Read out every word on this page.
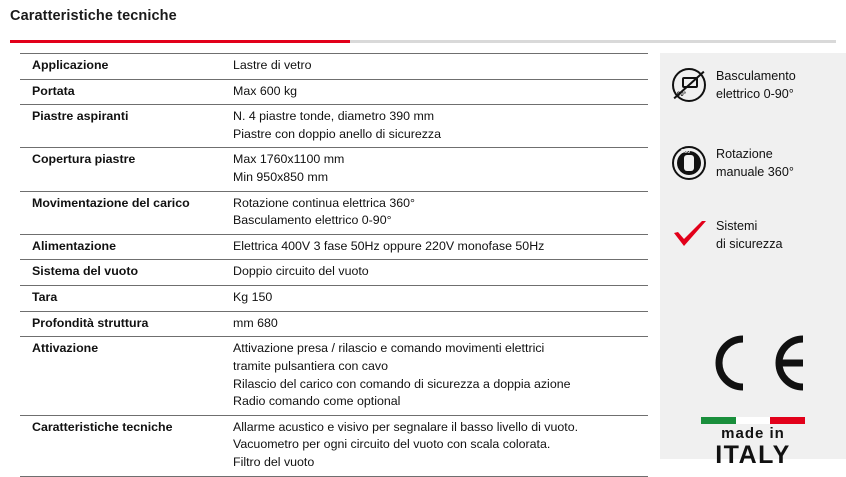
Caratteristiche tecniche
Applicazione	Lastre di vetro

Portata	Max 600 kg

Piastre aspiranti	N. 4 piastre tonde, diametro 390 mm
Piastre con doppio anello di sicurezza

Copertura piastre	Max 1760x1100 mm
Min 950x850 mm

Movimentazione del carico	Rotazione continua elettrica 360°
Basculamento elettrico 0-90°

Alimentazione	Elettrica 400V 3 fase 50Hz oppure 220V monofase 50Hz

Sistema del vuoto	Doppio circuito del vuoto

Tara	Kg 150

Profondità struttura	mm 680

Attivazione	Attivazione presa / rilascio e comando movimenti elettrici
tramite pulsantiera con cavo
Rilascio del carico con comando di sicurezza a doppia azione
Radio comando come optional

Caratteristiche tecniche	Allarme acustico e visivo per segnalare il basso livello di vuoto.
Vacuometro per ogni circuito del vuoto con scala colorata.
Filtro del vuoto
90°
Basculamento
elettrico 0-90°
360° Rotazione
manuale 360°
Sistemi
di sicurezza
made in
ITALY
